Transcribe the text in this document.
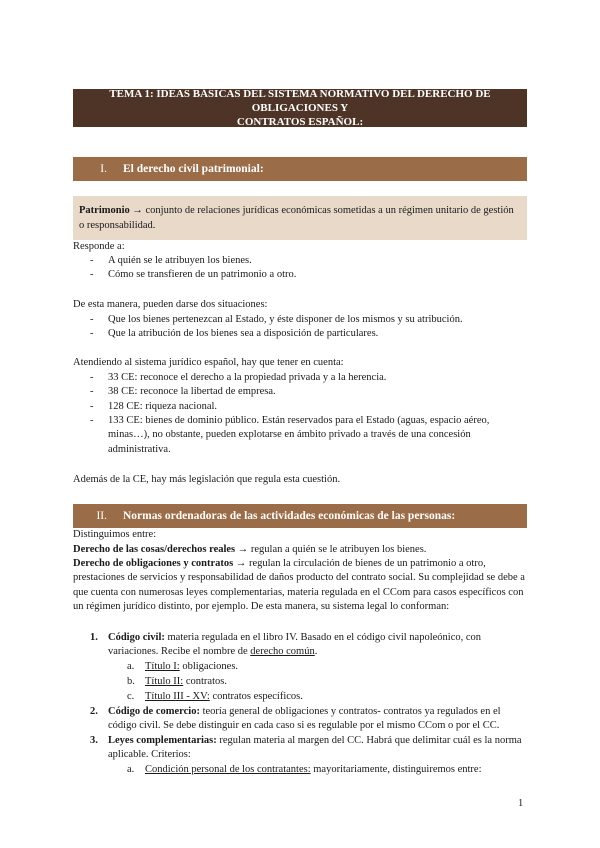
TEMA 1: IDEAS BÁSICAS DEL SISTEMA NORMATIVO DEL DERECHO DE OBLIGACIONES Y
CONTRATOS ESPAÑOL:
I.	El derecho civil patrimonial:

Patrimonio → conjunto de relaciones jurídicas económicas sometidas a un régimen unitario de gestión o responsabilidad.

Responde a:
- A quién se le atribuyen los bienes.
- Cómo se transfieren de un patrimonio a otro.
De esta manera, pueden darse dos situaciones:
- Que los bienes pertenezcan al Estado, y éste disponer de los mismos y su atribución.
- Que la atribución de los bienes sea a disposición de particulares.
Atendiendo al sistema jurídico español, hay que tener en cuenta:
- 33 CE: reconoce el derecho a la propiedad privada y a la herencia.
- 38 CE: reconoce la libertad de empresa.
- 128 CE: riqueza nacional.
- 133 CE: bienes de dominio público. Están reservados para el Estado (aguas, espacio aéreo, minas…), no obstante, pueden explotarse en ámbito privado a través de una concesión administrativa.
Además de la CE, hay más legislación que regula esta cuestión.
II.	Normas ordenadoras de las actividades económicas de las personas:
Distinguimos entre:
Derecho de las cosas/derechos reales → regulan a quién se le atribuyen los bienes.
Derecho de obligaciones y contratos → regulan la circulación de bienes de un patrimonio a otro, prestaciones de servicios y responsabilidad de daños producto del contrato social. Su complejidad se debe a que cuenta con numerosas leyes complementarias, materia regulada en el CCom para casos específicos con un régimen jurídico distinto, por ejemplo. De esta manera, su sistema legal lo conforman:
1. Código civil: materia regulada en el libro IV. Basado en el código civil napoleónico, con variaciones. Recibe el nombre de derecho común.
a. Título I: obligaciones.
b. Título II: contratos.
c. Título III - XV: contratos específicos.
2. Código de comercio: teoría general de obligaciones y contratos- contratos ya regulados en el código civil. Se debe distinguir en cada caso si es regulable por el mismo CCom o por el CC.
3. Leyes complementarias: regulan materia al margen del CC. Habrá que delimitar cuál es la norma aplicable. Criterios:
a. Condición personal de los contratantes: mayoritariamente, distinguiremos entre:
1
